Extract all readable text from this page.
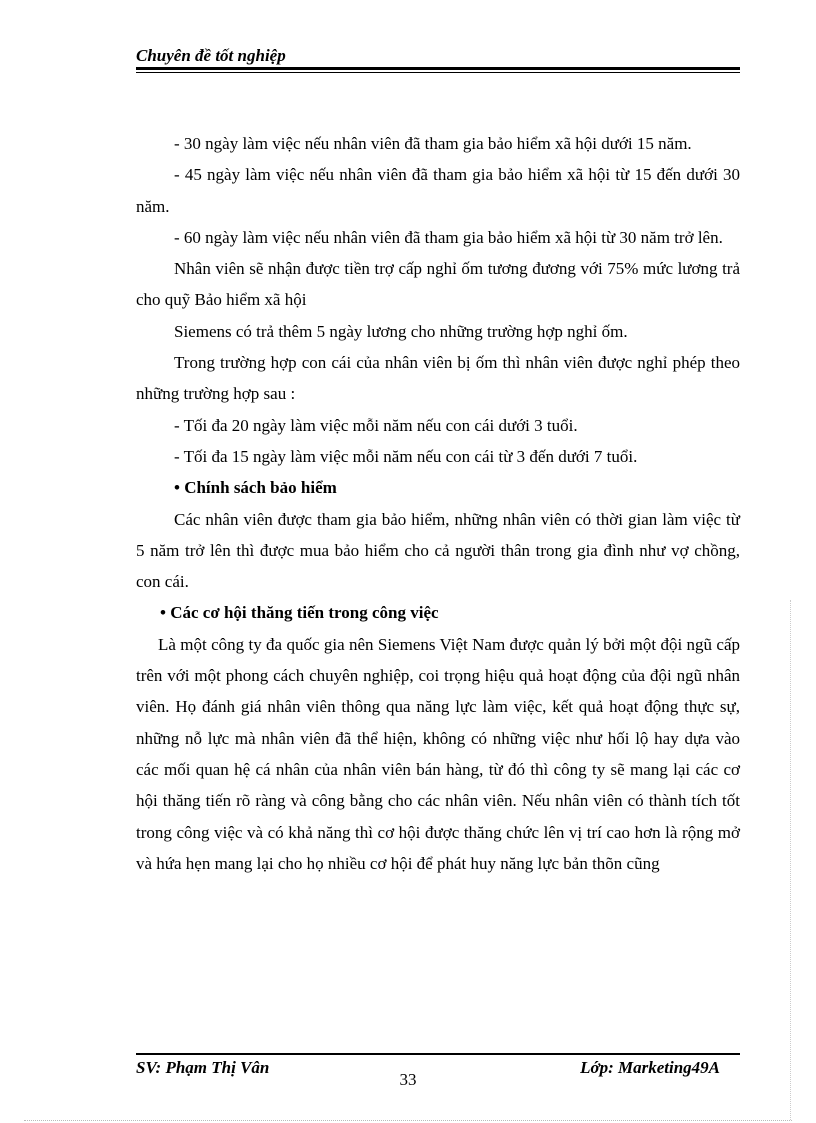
Chuyên đề tốt nghiệp

- 30 ngày làm việc nếu nhân viên đã tham gia bảo hiểm xã hội dưới 15 năm.

- 45 ngày làm việc nếu nhân viên đã tham gia bảo hiểm xã hội từ 15 đến dưới 30 năm.

- 60 ngày làm việc nếu nhân viên đã tham gia bảo hiểm xã hội từ 30 năm trở lên.

Nhân viên sẽ nhận được tiền trợ cấp nghỉ ốm tương đương với 75% mức lương trả cho quỹ Bảo hiểm xã hội

Siemens có trả thêm 5 ngày lương cho những trường hợp nghỉ ốm.

Trong trường hợp con cái của nhân viên bị ốm thì nhân viên được nghỉ phép theo những trường hợp sau :

- Tối đa 20 ngày làm việc mỗi năm nếu con cái dưới 3 tuổi.

- Tối đa 15 ngày làm việc mỗi năm nếu con cái từ 3 đến dưới 7 tuổi.

• Chính sách bảo hiểm

Các nhân viên được tham gia bảo hiểm, những nhân viên có thời gian làm việc từ 5 năm trở lên thì được mua bảo hiểm cho cả người thân trong gia đình như vợ chồng, con cái.

• Các cơ hội thăng tiến trong công việc

Là một công ty đa quốc gia nên Siemens Việt Nam được quản lý bởi một đội ngũ cấp trên với một phong cách chuyên nghiệp, coi trọng hiệu quả hoạt động của đội ngũ nhân viên. Họ đánh giá nhân viên thông qua năng lực làm việc, kết quả hoạt động thực sự, những nỗ lực mà nhân viên đã thể hiện, không có những việc như hối lộ hay dựa vào các mối quan hệ cá nhân của nhân viên bán hàng, từ đó thì công ty sẽ mang lại các cơ hội thăng tiến rõ ràng và công bằng cho các nhân viên. Nếu nhân viên có thành tích tốt trong công việc và có khả năng thì cơ hội được thăng chức lên vị trí cao hơn là rộng mở và hứa hẹn mang lại cho họ nhiều cơ hội để phát huy năng lực bản thõn cũng

SV: Phạm Thị Vân	Lớp: Marketing49A
33
